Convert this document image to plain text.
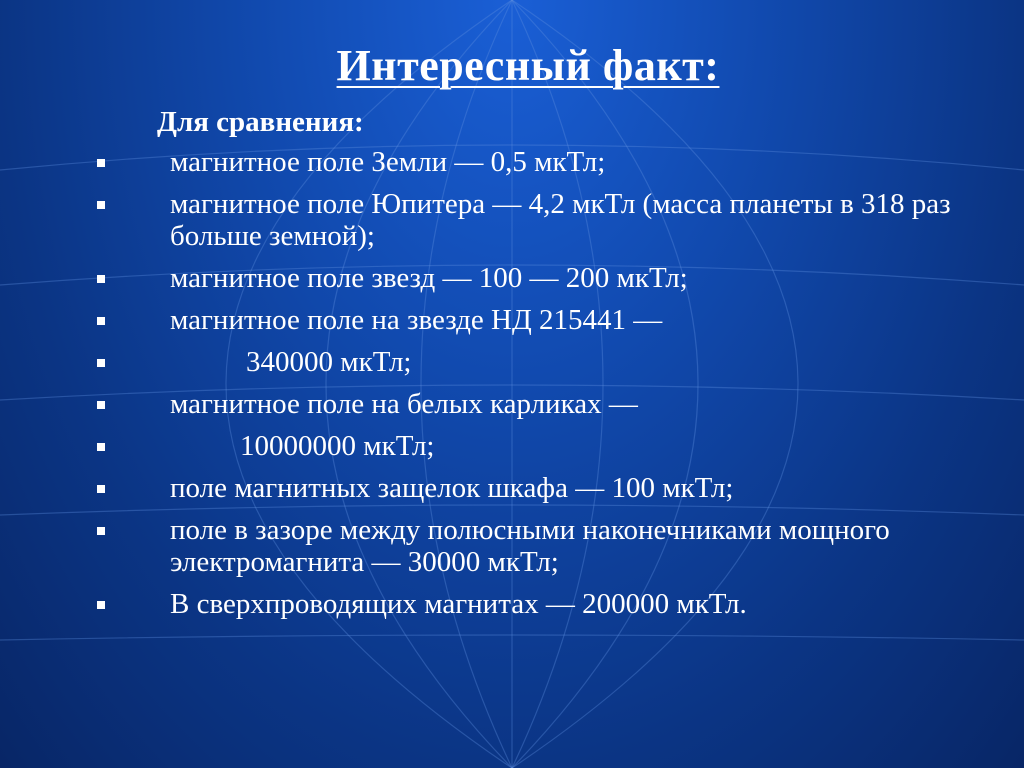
Интересный факт:
Для сравнения:
магнитное поле Земли — 0,5 мкТл;
магнитное поле Юпитера — 4,2 мкТл (масса планеты в 318 раз больше земной);
магнитное поле звезд — 100 — 200 мкТл;
магнитное поле на звезде НД 215441 —
340000 мкТл;
магнитное поле на белых карликах —
10000000 мкТл;
поле магнитных защелок шкафа — 100 мкТл;
поле в зазоре между полюсными наконечниками мощного электромагнита — 30000 мкТл;
В сверхпроводящих магнитах — 200000 мкТл.
